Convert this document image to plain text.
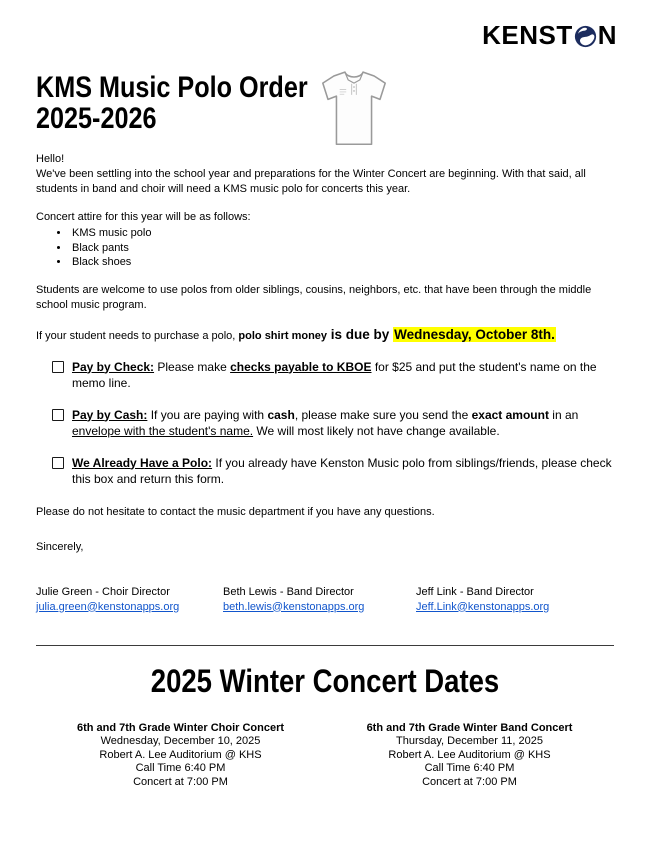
KENST N
KMS Music Polo Order
2025-2026

Hello!

We've been settling into the school year and preparations for the Winter Concert are beginning. With that said, all students in band and choir will need a KMS music polo for concerts this year.

Concert attire for this year will be as follows:

• KMS music polo
• Black pants
• Black shoes

Students are welcome to use polos from older siblings, cousins, neighbors, etc. that have been through the middle school music program.

If your student needs to purchase a polo, polo shirt money is due by Wednesday, October 8th.

Pay by Check: Please make checks payable to KBOE for $25 and put the student's name on the memo line.

Pay by Cash: If you are paying with cash, please make sure you send the exact amount in an envelope with the student's name. We will most likely not have change available.

We Already Have a Polo: If you already have Kenston Music polo from siblings/friends, please check this box and return this form.

Please do not hesitate to contact the music department if you have any questions.

Sincerely,

Julie Green - Choir Director

julia.green@kenstonapps.org

Beth Lewis - Band Director

beth.lewis@kenstonapps.org

Jeff Link - Band Director

Jeff.Link@kenstonapps.org
2025 Winter Concert Dates

6th and 7th Grade Winter Choir Concert

Wednesday, December 10, 2025

Robert A. Lee Auditorium @ KHS

Call Time 6:40 PM

Concert at 7:00 PM

6th and 7th Grade Winter Band Concert

Thursday, December 11, 2025

Robert A. Lee Auditorium @ KHS

Call Time 6:40 PM

Concert at 7:00 PM
